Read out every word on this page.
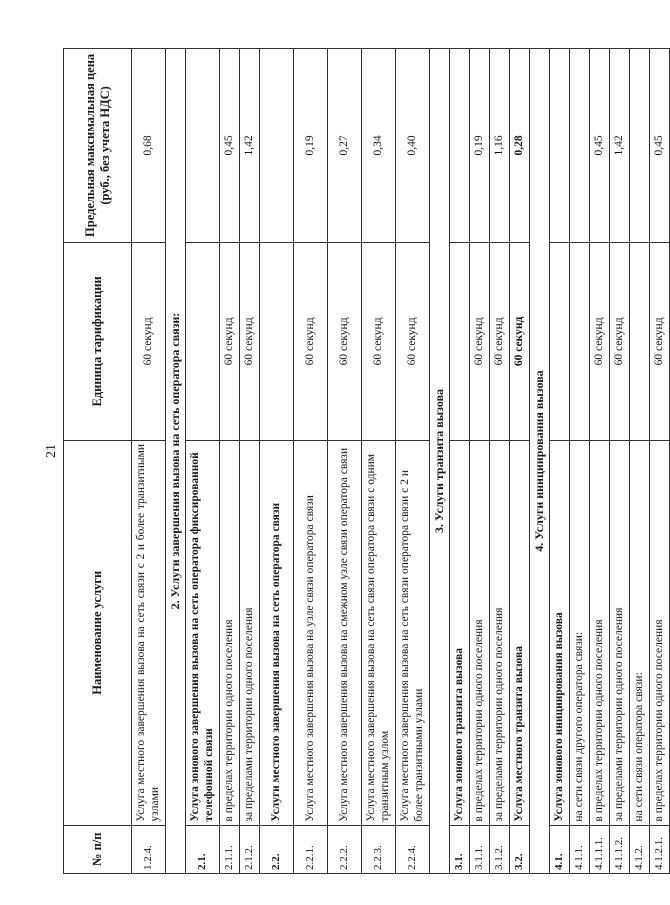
21
№ п/п	Наименование услуги	Единица тарификации	Предельная максимальная цена (руб., без учета НДС)
1.2.4.	Услуга местного завершения вызова на сеть связи с 2 и более транзитными узлами	60 секунд	0,68
2. Услуги завершения вызова на сеть оператора связи:			
2.1.	Услуга зонового завершения вызова на сеть оператора фиксированной телефонной связи		
2.1.1.	в пределах территории одного поселения	60 секунд	0,45
2.1.2.	за пределами территории одного поселения	60 секунд	1,42
2.2.	Услуги местного завершения вызова на сеть оператора связи		
2.2.1.	Услуга местного завершения вызова на узле связи оператора связи	60 секунд	0,19
2.2.2.	Услуга местного завершения вызова на смежном узле связи оператора связи	60 секунд	0,27
2.2.3.	Услуга местного завершения вызова на сеть связи оператора связи с одним транзитным узлом	60 секунд	0,34
2.2.4.	Услуга местного завершения вызова на сеть связи оператора связи с 2 и более транзитными узлами	60 секунд	0,40
3. Услуги транзита вызова			
3.1.	Услуга зонового транзита вызова		
3.1.1.	в пределах территории одного поселения	60 секунд	0,19
3.1.2.	за пределами территории одного поселения	60 секунд	1,16
3.2.	Услуга местного транзита вызова	60 секунд	0,28
4. Услуги инициирования вызова			
4.1.	Услуга зонового инициирования вызова		
4.1.1.	на сети связи другого оператора связи:		
4.1.1.1.	в пределах территории одного поселения	60 секунд	0,45
4.1.1.2.	за пределами территории одного поселения	60 секунд	1,42
4.1.2.	на сети связи оператора связи:		
4.1.2.1.	в пределах территории одного поселения	60 секунд	0,45
